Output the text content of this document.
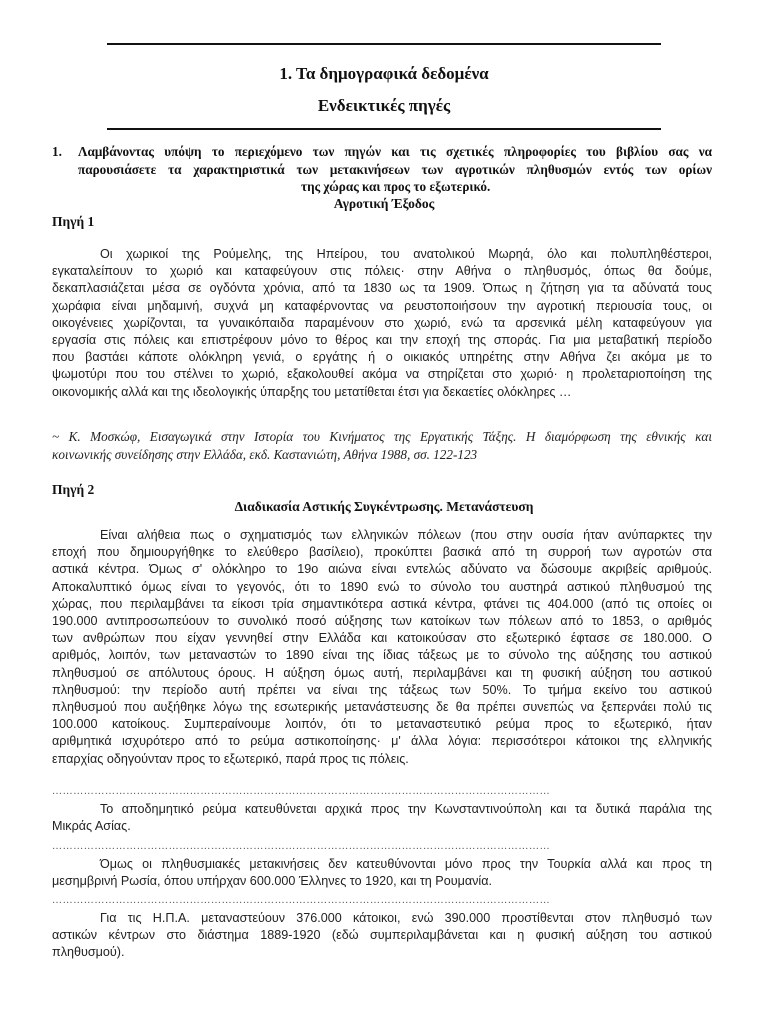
1. Τα δημογραφικά δεδομένα
Ενδεικτικές πηγές
1. Λαμβάνοντας υπόψη το περιεχόμενο των πηγών και τις σχετικές πληροφορίες του βιβλίου σας να
παρουσιάσετε τα χαρακτηριστικά των μετακινήσεων των αγροτικών πληθυσμών εντός των ορίων
της χώρας και προς το εξωτερικό.
Αγροτική Έξοδος
Πηγή 1
Οι χωρικοί της Ρούμελης, της Ηπείρου, του ανατολικού Μωρηά, όλο και πολυπληθέστεροι,
εγκαταλείπουν το χωριό και καταφεύγουν στις πόλεις· στην Αθήνα ο πληθυσμός, όπως θα δούμε,
δεκαπλασιάζεται μέσα σε ογδόντα χρόνια, από τα 1830 ως τα 1909. Όπως η ζήτηση για τα αδύνατά τους
χωράφια είναι μηδαμινή, συχνά μη καταφέρνοντας να ρευστοποιήσουν την αγροτική περιουσία τους, οι
οικογένειες χωρίζονται, τα γυναικόπαιδα παραμένουν στο χωριό, ενώ τα αρσενικά μέλη καταφεύγουν για
εργασία στις πόλεις και επιστρέφουν μόνο το θέρος και την εποχή της σποράς. Για μια μεταβατική περίοδο
που βαστάει κάποτε ολόκληρη γενιά, ο εργάτης ή ο οικιακός υπηρέτης στην Αθήνα ζει ακόμα με το
ψωμοτύρι που του στέλνει το χωριό, εξακολουθεί ακόμα να στηρίζεται στο χωριό· η προλεταριοποίηση της
οικονομικής αλλά και της ιδεολογικής ύπαρξης του μετατίθεται έτσι για δεκαετίες ολόκληρες …
~ Κ. Μοσκώφ, Εισαγωγικά στην Ιστορία του Κινήματος της Εργατικής Τάξης. Η διαμόρφωση της εθνικής και
κοινωνικής συνείδησης στην Ελλάδα, εκδ. Καστανιώτη, Αθήνα 1988, σσ. 122-123
Πηγή 2
Διαδικασία Αστικής Συγκέντρωσης. Μετανάστευση
Είναι αλήθεια πως ο σχηματισμός των ελληνικών πόλεων (που στην ουσία ήταν ανύπαρκτες την
εποχή που δημιουργήθηκε το ελεύθερο βασίλειο), προκύπτει βασικά από τη συρροή των αγροτών στα
αστικά κέντρα. Όμως σ' ολόκληρο το 19ο αιώνα είναι εντελώς αδύνατο να δώσουμε ακριβείς αριθμούς.
Αποκαλυπτικό όμως είναι το γεγονός, ότι το 1890 ενώ το σύνολο του αυστηρά αστικού πληθυσμού της
χώρας, που περιλαμβάνει τα είκοσι τρία σημαντικότερα αστικά κέντρα, φτάνει τις 404.000 (από τις οποίες οι
190.000 αντιπροσωπεύουν το συνολικό ποσό αύξησης των κατοίκων των πόλεων από το 1853, ο αριθμός
των ανθρώπων που είχαν γεννηθεί στην Ελλάδα και κατοικούσαν στο εξωτερικό έφτασε σε 180.000. Ο
αριθμός, λοιπόν, των μεταναστών το 1890 είναι της ίδιας τάξεως με το σύνολο της αύξησης του αστικού
πληθυσμού σε απόλυτους όρους. Η αύξηση όμως αυτή, περιλαμβάνει και τη φυσική αύξηση του αστικού
πληθυσμού: την περίοδο αυτή πρέπει να είναι της τάξεως των 50%. Το τμήμα εκείνο του αστικού
πληθυσμού που αυξήθηκε λόγω της εσωτερικής μετανάστευσης δε θα πρέπει συνεπώς να ξεπερνάει πολύ τις
100.000 κατοίκους. Συμπεραίνουμε λοιπόν, ότι το μεταναστευτικό ρεύμα προς το εξωτερικό, ήταν
αριθμητικά ισχυρότερο από το ρεύμα αστικοποίησης· μ' άλλα λόγια: περισσότεροι κάτοικοι της ελληνικής
επαρχίας οδηγούνταν προς το εξωτερικό, παρά προς τις πόλεις.
……………………………………………………………………………………………………………………………
Το αποδημητικό ρεύμα κατευθύνεται αρχικά προς την Κωνσταντινούπολη και τα δυτικά παράλια της
Μικράς Ασίας.
……………………………………………………………………………………………………………………………
Όμως οι πληθυσμιακές μετακινήσεις δεν κατευθύνονται μόνο προς την Τουρκία αλλά και προς τη
μεσημβρινή Ρωσία, όπου υπήρχαν 600.000 Έλληνες το 1920, και τη Ρουμανία.
……………………………………………………………………………………………………………………………
Για τις Η.Π.Α. μεταναστεύουν 376.000 κάτοικοι, ενώ 390.000 προστίθενται στον πληθυσμό των
αστικών κέντρων στο διάστημα 1889-1920 (εδώ συμπεριλαμβάνεται και η φυσική αύξηση του αστικού
πληθυσμού).
